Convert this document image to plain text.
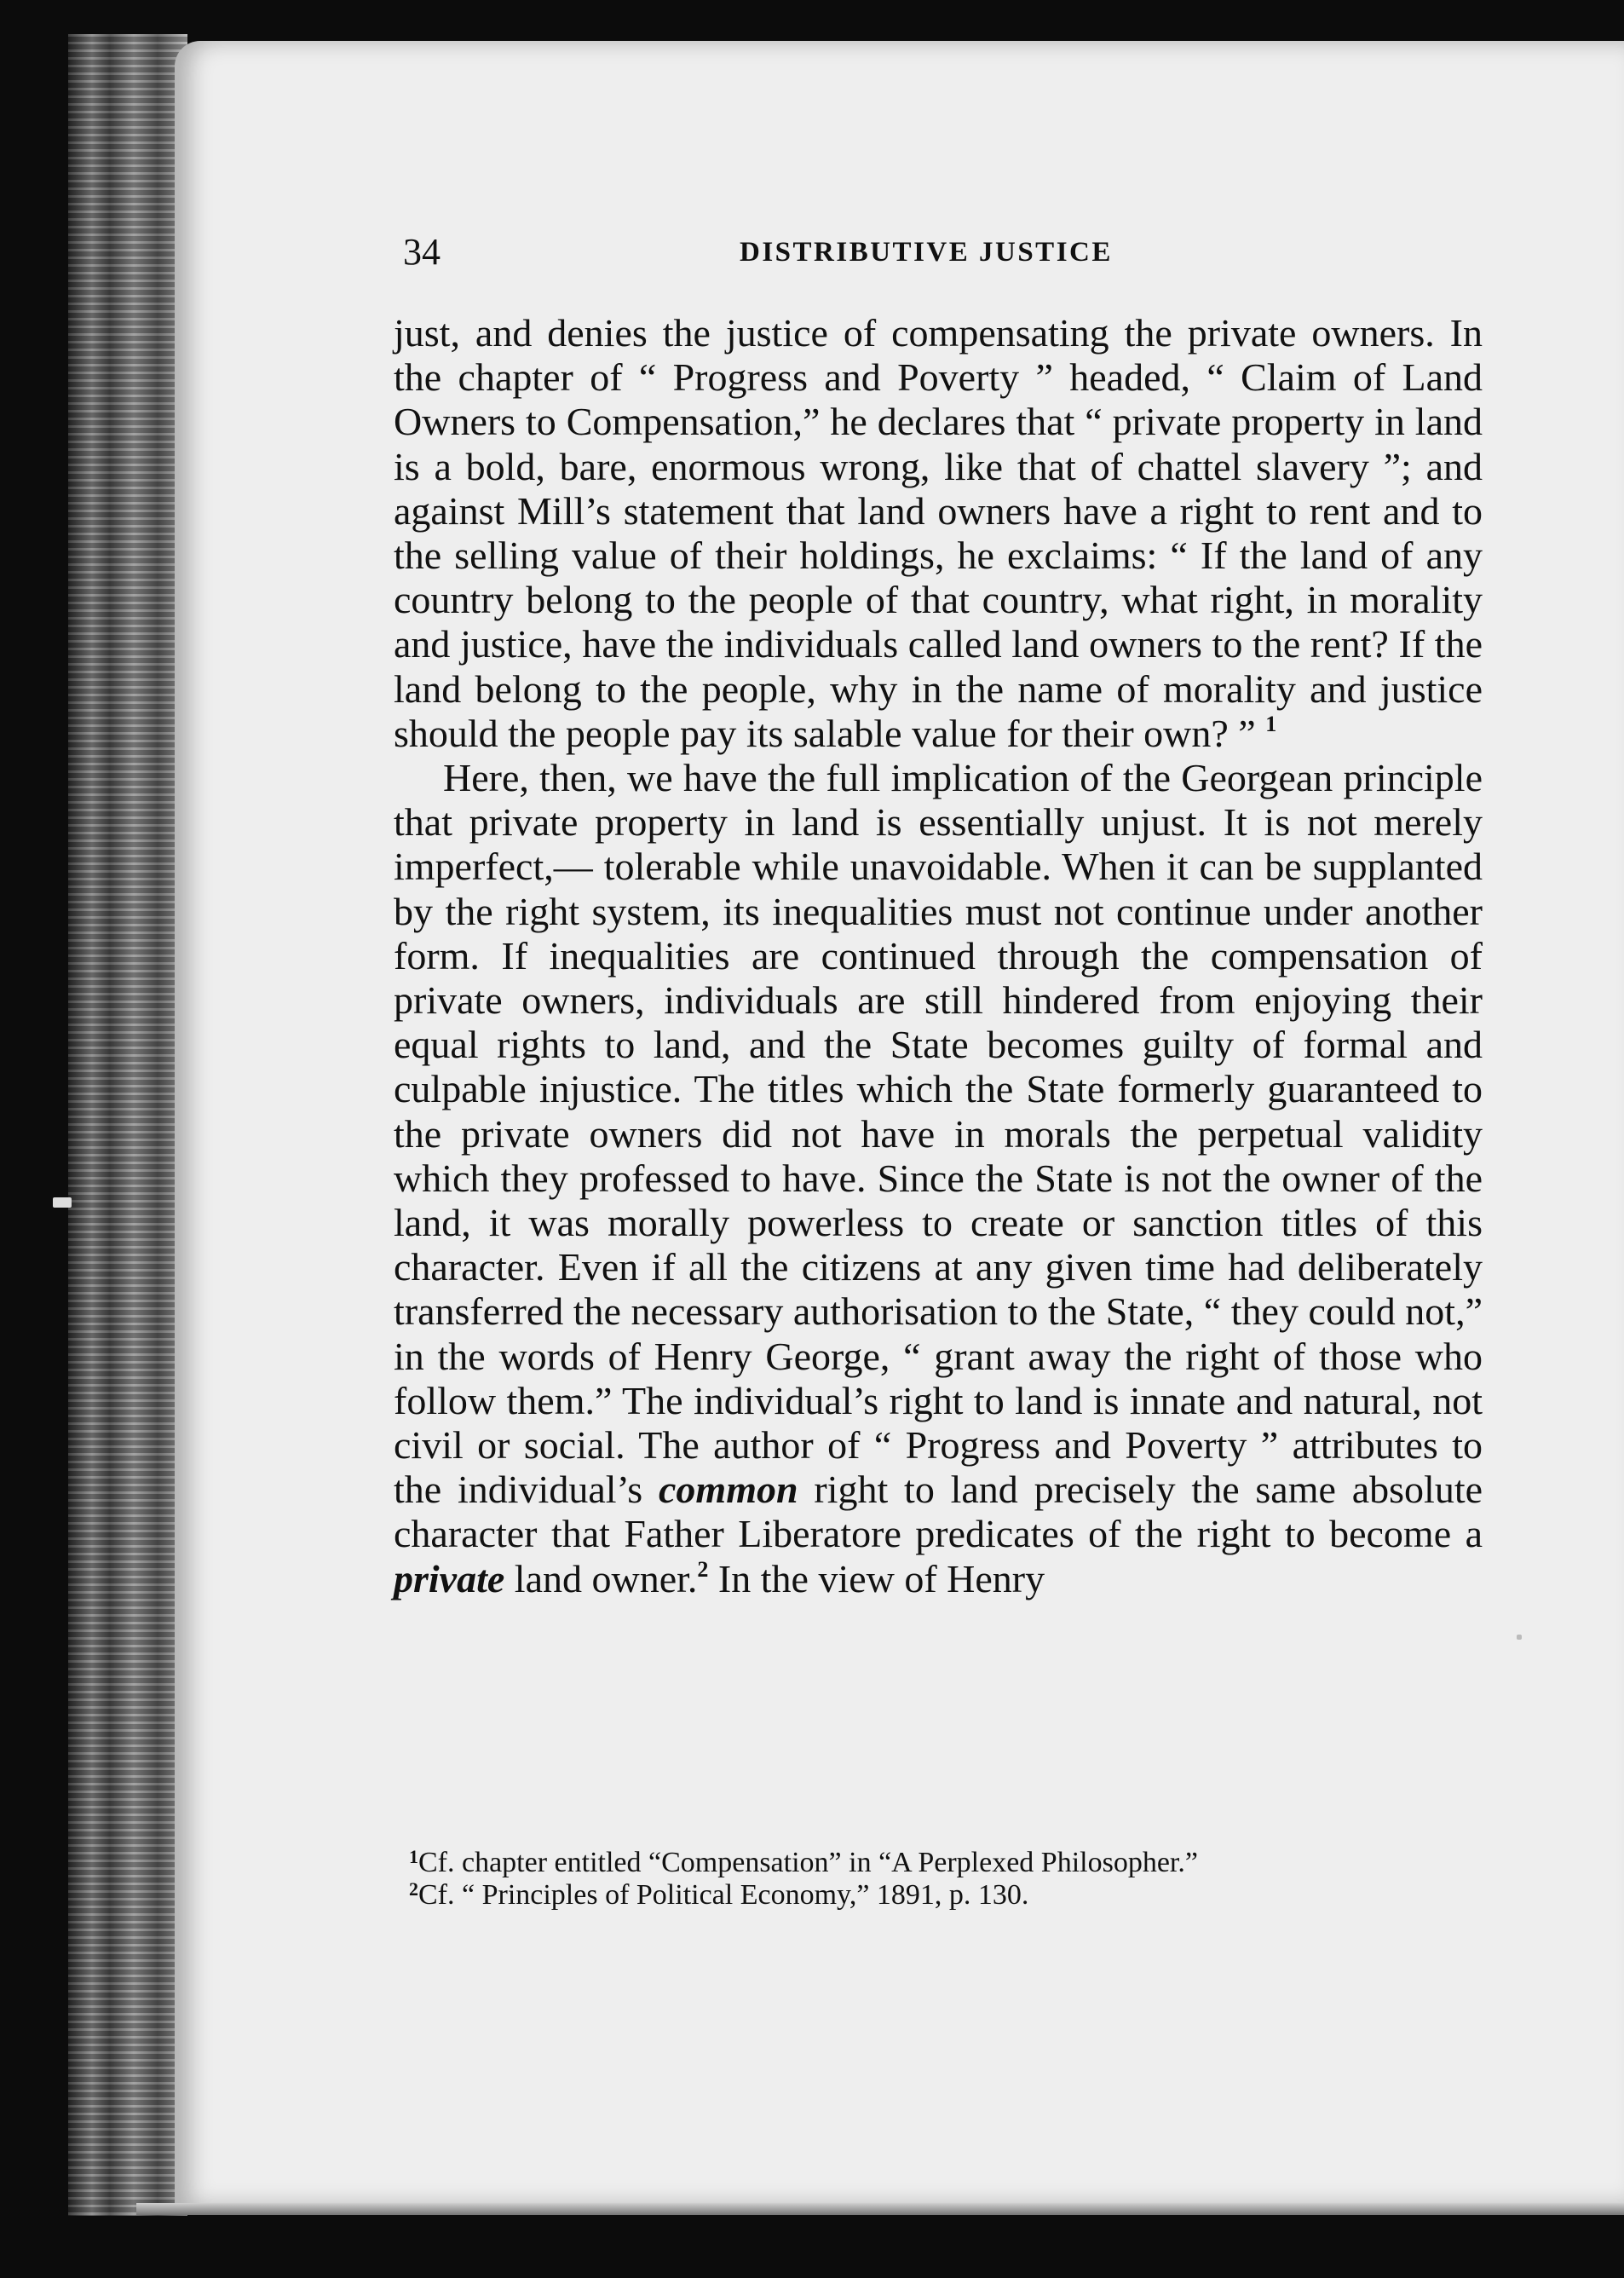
34	DISTRIBUTIVE JUSTICE

just, and denies the justice of compensating the private owners. In the chapter of “ Progress and Poverty ” headed, “ Claim of Land Owners to Compensation,” he declares that “ private property in land is a bold, bare, enormous wrong, like that of chattel slavery ”; and against Mill’s statement that land owners have a right to rent and to the selling value of their holdings, he exclaims: “ If the land of any country belong to the people of that country, what right, in morality and justice, have the individuals called land owners to the rent? If the land belong to the people, why in the name of morality and justice should the people pay its salable value for their own? ” $^1$

Here, then, we have the full implication of the Georgean principle that private property in land is essentially unjust. It is not merely imperfect,— tolerable while unavoidable. When it can be supplanted by the right system, its inequalities must not continue under another form. If inequalities are continued through the compensation of private owners, individuals are still hindered from enjoying their equal rights to land, and the State becomes guilty of formal and culpable injustice. The titles which the State formerly guaranteed to the private owners did not have in morals the perpetual validity which they professed to have. Since the State is not the owner of the land, it was morally powerless to create or sanction titles of this character. Even if all the citizens at any given time had deliberately transferred the necessary authorisation to the State, “ they could not,” in the words of Henry George, “ grant away the right of those who follow them.” The individual’s right to land is innate and natural, not civil or social. The author of “ Progress and Poverty ” attributes to the individual’s common right to land precisely the same absolute character that Father Liberatore predicates of the right to become a private land owner.$^2$ In the view of Henry

$^1$Cf. chapter entitled “Compensation” in “A Perplexed Philosopher.”

$^2$Cf. “ Principles of Political Economy,” 1891, p. 130.
